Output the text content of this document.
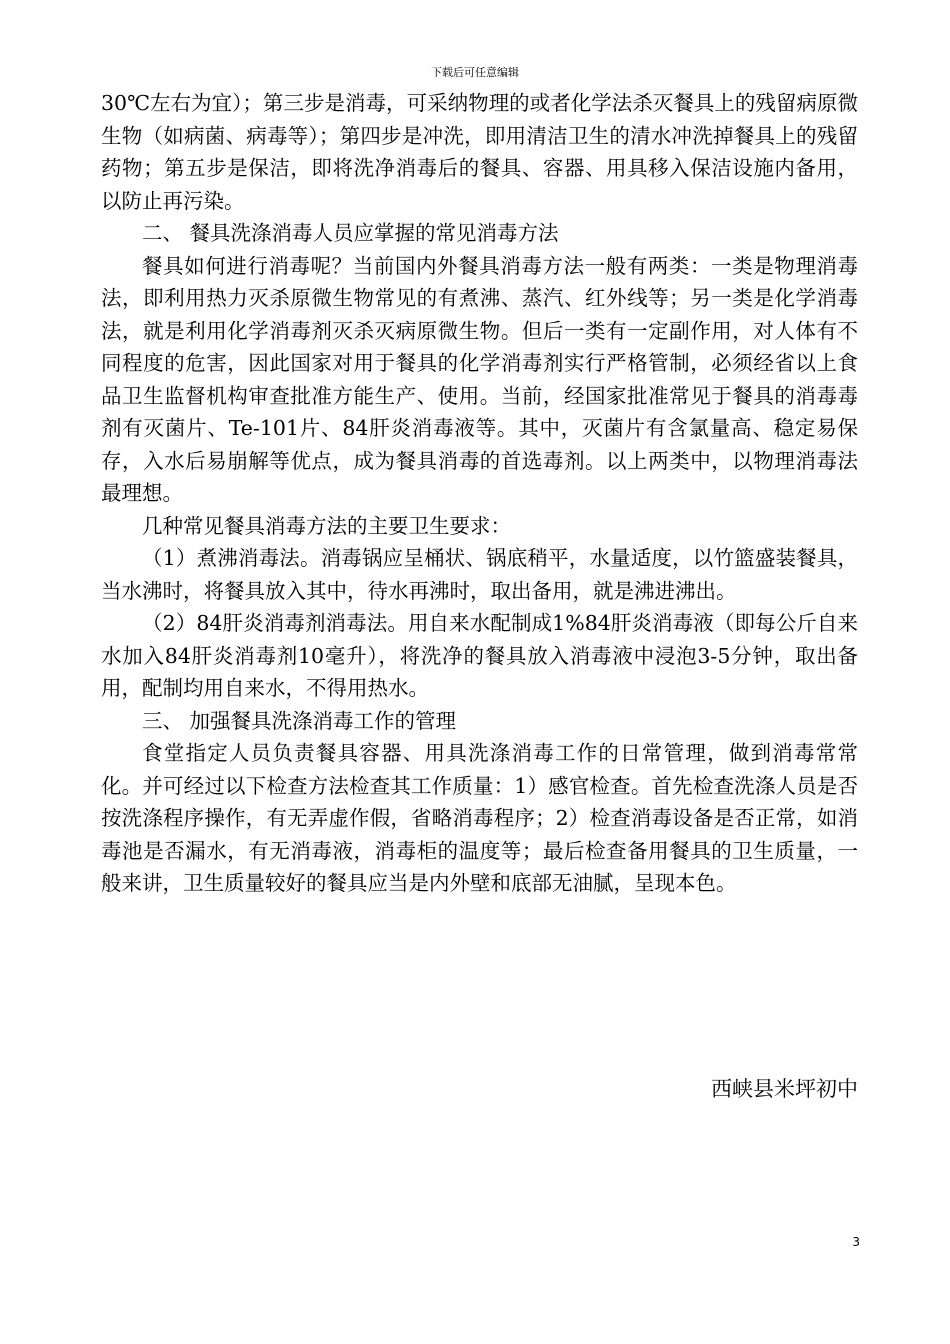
下载后可任意编辑

30℃左右为宜）；第三步是消毒，可采纳物理的或者化学法杀灭餐具上的残留病原微生物（如病菌、病毒等）；第四步是冲洗，即用清洁卫生的清水冲洗掉餐具上的残留药物；第五步是保洁，即将洗净消毒后的餐具、容器、用具移入保洁设施内备用，以防止再污染。

二、 餐具洗涤消毒人员应掌握的常见消毒方法

餐具如何进行消毒呢？当前国内外餐具消毒方法一般有两类：一类是物理消毒法，即利用热力灭杀原微生物常见的有煮沸、蒸汽、红外线等；另一类是化学消毒法，就是利用化学消毒剂灭杀灭病原微生物。但后一类有一定副作用，对人体有不同程度的危害，因此国家对用于餐具的化学消毒剂实行严格管制，必须经省以上食品卫生监督机构审查批准方能生产、使用。当前，经国家批准常见于餐具的消毒毒剂有灭菌片、Te-101片、84肝炎消毒液等。其中，灭菌片有含氯量高、稳定易保存，入水后易崩解等优点，成为餐具消毒的首选毒剂。以上两类中，以物理消毒法最理想。

几种常见餐具消毒方法的主要卫生要求：

（1）煮沸消毒法。消毒锅应呈桶状、锅底稍平，水量适度，以竹篮盛装餐具，当水沸时，将餐具放入其中，待水再沸时，取出备用，就是沸进沸出。

（2）84肝炎消毒剂消毒法。用自来水配制成1%84肝炎消毒液（即每公斤自来水加入84肝炎消毒剂10毫升），将洗净的餐具放入消毒液中浸泡3-5分钟，取出备用，配制均用自来水，不得用热水。

三、 加强餐具洗涤消毒工作的管理

食堂指定人员负责餐具容器、用具洗涤消毒工作的日常管理，做到消毒常常化。并可经过以下检查方法检查其工作质量：1）感官检查。首先检查洗涤人员是否按洗涤程序操作，有无弄虚作假，省略消毒程序；2）检查消毒设备是否正常，如消毒池是否漏水，有无消毒液，消毒柜的温度等；最后检查备用餐具的卫生质量，一般来讲，卫生质量较好的餐具应当是内外壁和底部无油腻，呈现本色。

西峡县米坪初中
3
